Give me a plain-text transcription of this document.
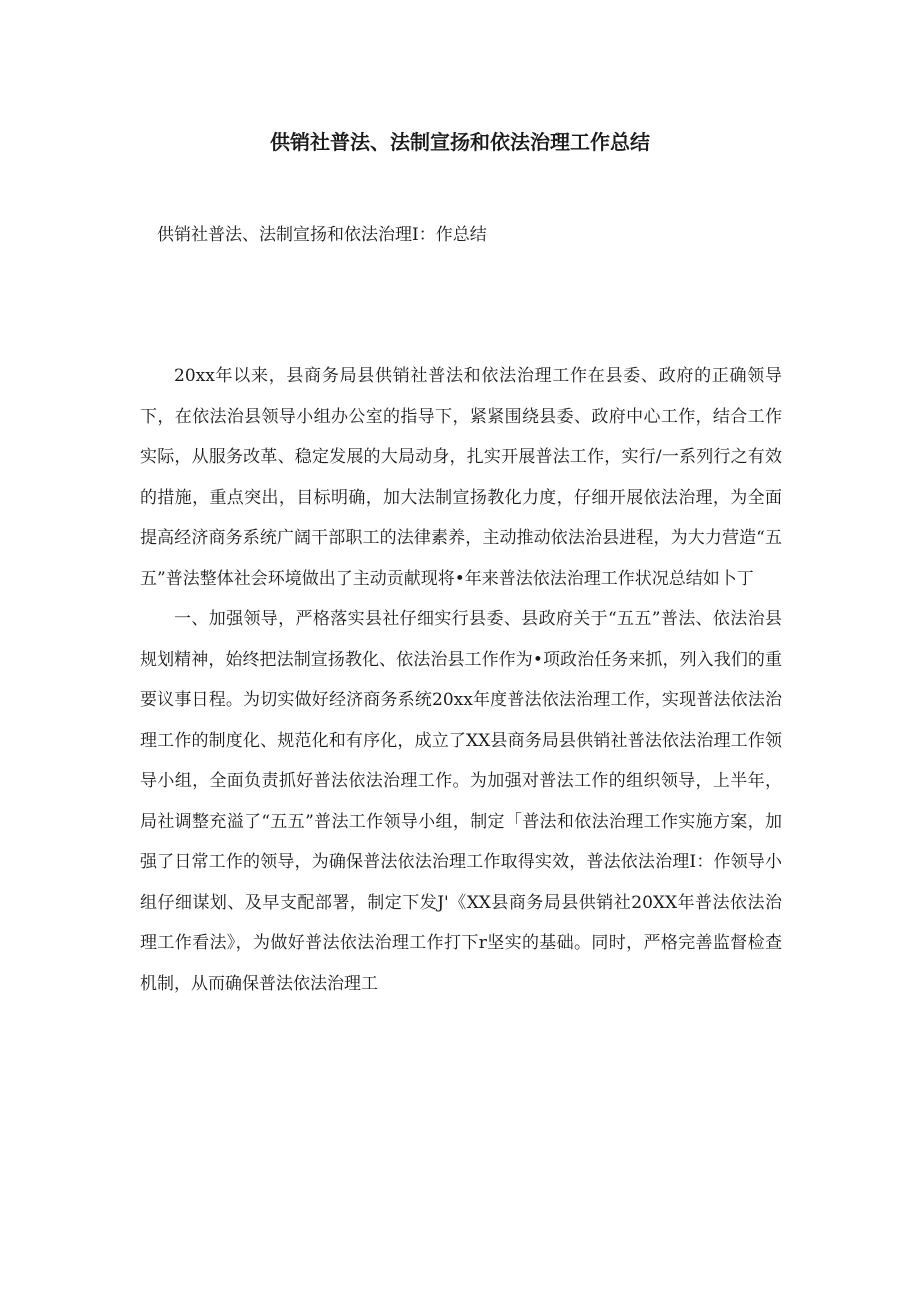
供销社普法、法制宣扬和依法治理工作总结

供销社普法、法制宣扬和依法治理I：作总结

20xx年以来，县商务局县供销社普法和依法治理工作在县委、政府的正确领导下，在依法治县领导小组办公室的指导下，紧紧围绕县委、政府中心工作，结合工作实际，从服务改革、稳定发展的大局动身，扎实开展普法工作，实行/一系列行之有效的措施，重点突出，目标明确，加大法制宣扬教化力度，仔细开展依法治理，为全面提高经济商务系统广阔干部职工的法律素养，主动推动依法治县进程，为大力营造“五五”普法整体社会环境做出了主动贡献现将•年来普法依法治理工作状况总结如卜丁

一、加强领导，严格落实县社仔细实行县委、县政府关于“五五”普法、依法治县规划精神，始终把法制宣扬教化、依法治县工作作为•项政治任务来抓，列入我们的重要议事日程。为切实做好经济商务系统20xx年度普法依法治理工作，实现普法依法治理工作的制度化、规范化和有序化，成立了XX县商务局县供销社普法依法治理工作领导小组，全面负责抓好普法依法治理工作。为加强对普法工作的组织领导，上半年，局社调整充溢了“五五”普法工作领导小组，制定「普法和依法治理工作实施方案，加强了日常工作的领导，为确保普法依法治理工作取得实效，普法依法治理I：作领导小组仔细谋划、及早支配部署，制定下发J'《XX县商务局县供销社20XX年普法依法治理工作看法》，为做好普法依法治理工作打下r坚实的基础。同时，严格完善监督检查机制，从而确保普法依法治理工
